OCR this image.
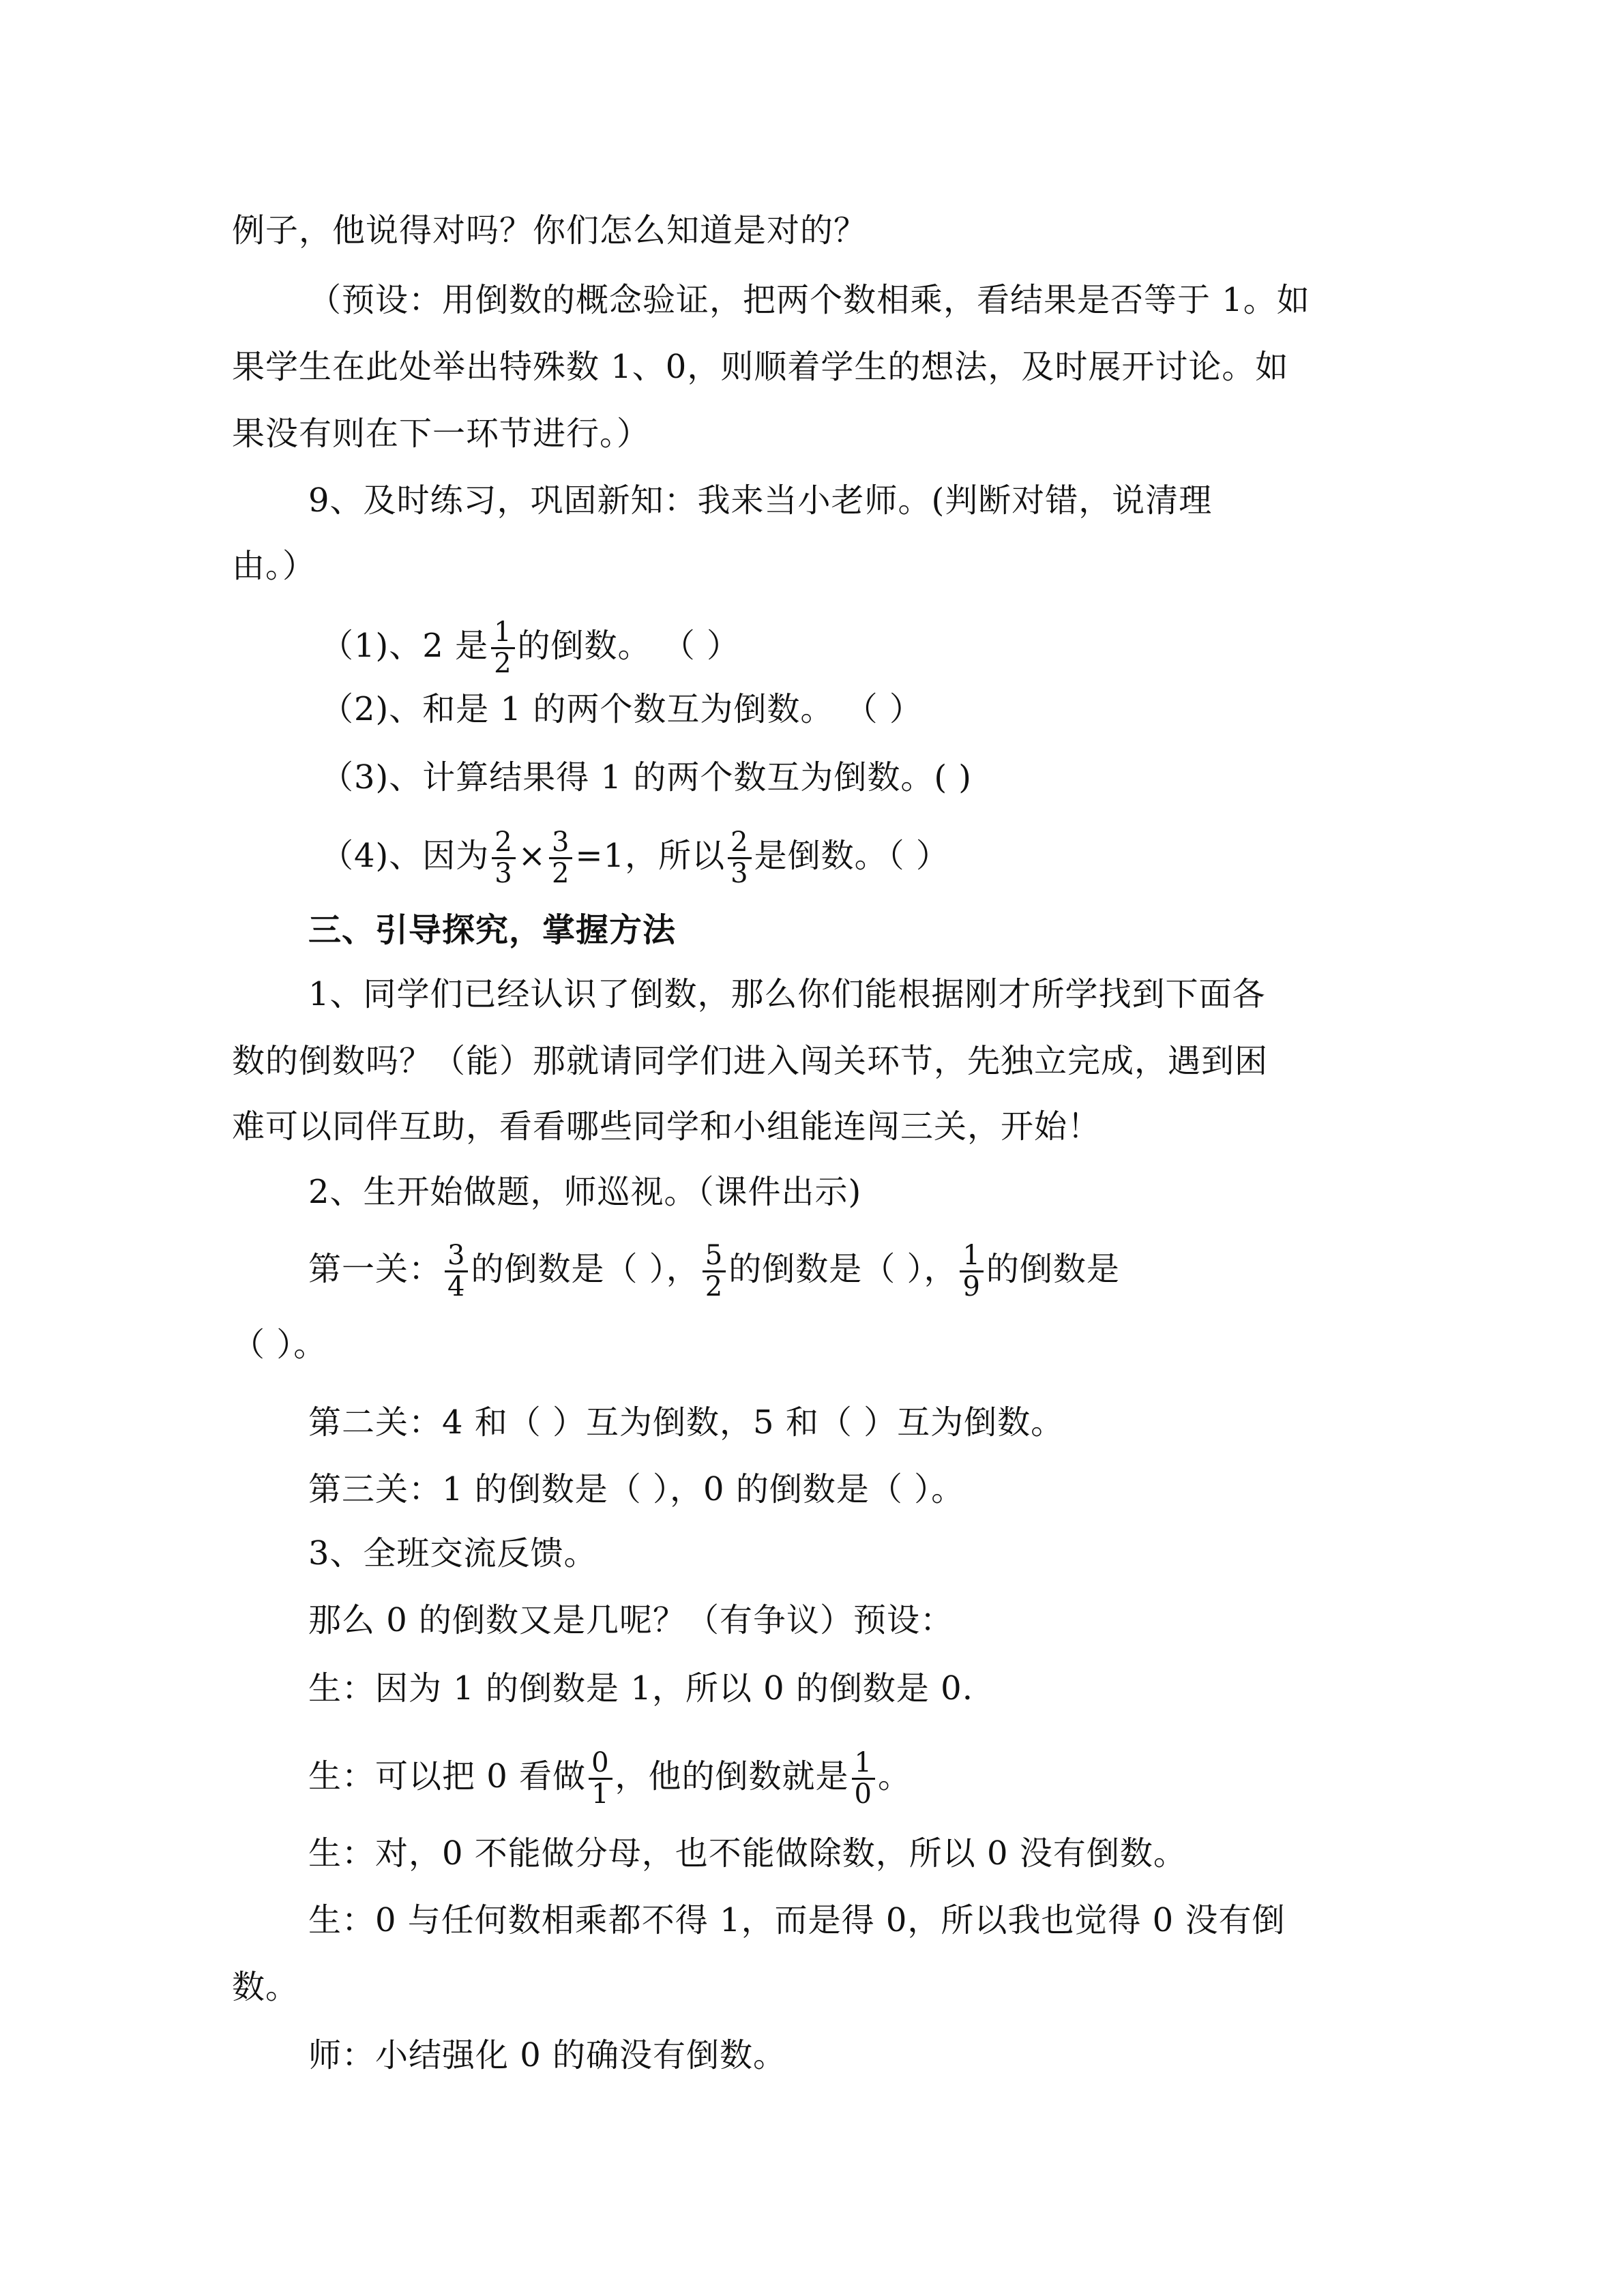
例子，他说得对吗？你们怎么知道是对的？
（预设：用倒数的概念验证，把两个数相乘，看结果是否等于 1。如
果学生在此处举出特殊数 1、0，则顺着学生的想法，及时展开讨论。如
果没有则在下一环节进行。）
9、及时练习，巩固新知：我来当小老师。(判断对错，说清理
由。）
（1)、2 是 $\frac{1}{2}$ 的倒数。 （ ）
（2)、和是 1 的两个数互为倒数。 （ ）
（3)、计算结果得 1 的两个数互为倒数。( )
（4)、因为 $\frac{2}{3} \times \frac{3}{2} =1$，所以 $\frac{2}{3}$ 是倒数。（ ）
三、引导探究，掌握方法
1、同学们已经认识了倒数，那么你们能根据刚才所学找到下面各
数的倒数吗？（能）那就请同学们进入闯关环节，先独立完成，遇到困
难可以同伴互助，看看哪些同学和小组能连闯三关，开始！
2、生开始做题，师巡视。（课件出示)
第一关： $\frac{3}{4}$ 的倒数是（ ）， $\frac{5}{2}$ 的倒数是（ ）， $\frac{1}{9}$ 的倒数是
（ ）。
第二关：4 和（ ）互为倒数，5 和（ ）互为倒数。
第三关：1 的倒数是（ ），0 的倒数是（ ）。
3、全班交流反馈。
那么 0 的倒数又是几呢？（有争议）预设：
生：因为 1 的倒数是 1，所以 0 的倒数是 0.
生：可以把 0 看做 $\frac{0}{1}$ ，他的倒数就是 $\frac{1}{0}$ 。
生：对，0 不能做分母，也不能做除数，所以 0 没有倒数。
生：0 与任何数相乘都不得 1，而是得 0，所以我也觉得 0 没有倒
数。
师：小结强化 0 的确没有倒数。
